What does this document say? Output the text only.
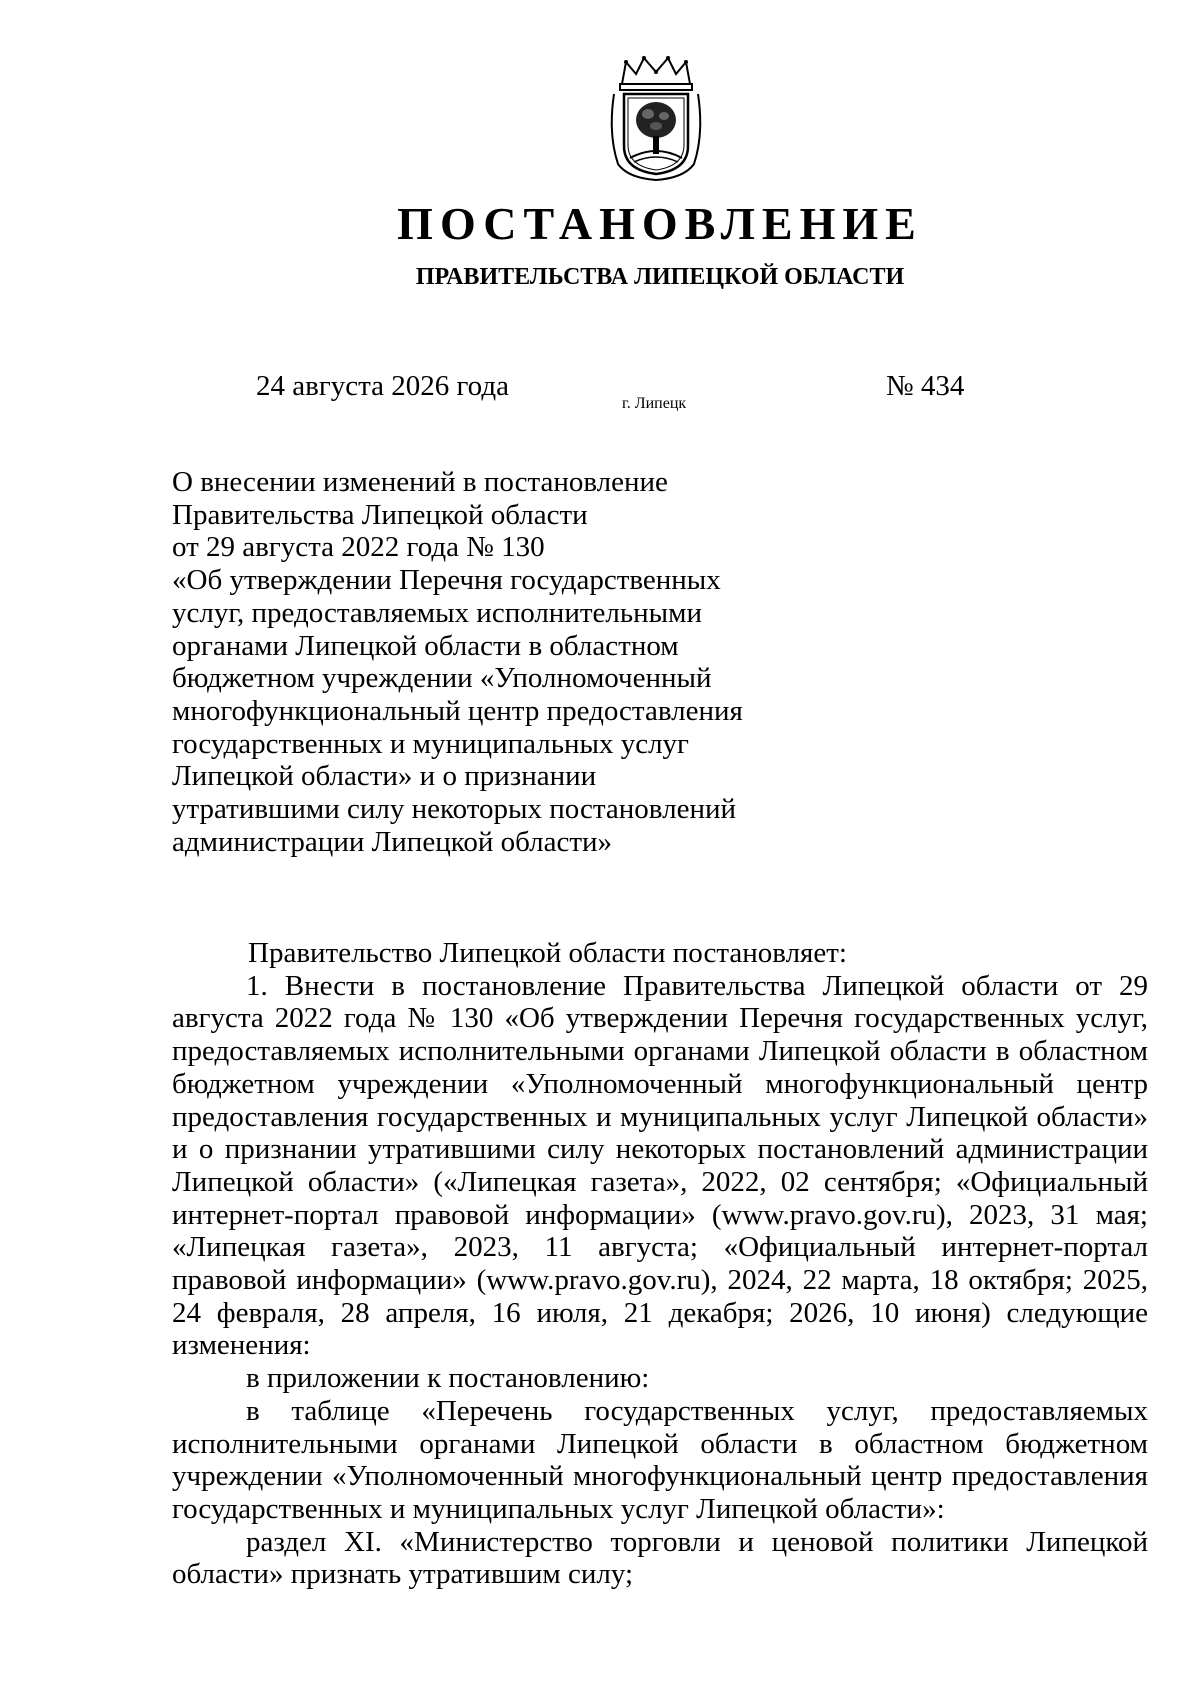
ПОСТАНОВЛЕНИЕ
ПРАВИТЕЛЬСТВА ЛИПЕЦКОЙ ОБЛАСТИ
24 августа 2026 года
г. Липецк
№ 434
О внесении изменений в постановление
Правительства Липецкой области
от 29 августа 2022 года № 130
«Об утверждении Перечня государственных
услуг, предоставляемых исполнительными
органами Липецкой области в областном
бюджетном учреждении «Уполномоченный
многофункциональный центр предоставления
государственных и муниципальных услуг
Липецкой области» и о признании
утратившими силу некоторых постановлений
администрации Липецкой области»

Правительство Липецкой области постановляет:

1. Внести в постановление Правительства Липецкой области от 29 августа 2022 года № 130 «Об утверждении Перечня государственных услуг, предоставляемых исполнительными органами Липецкой области в областном бюджетном учреждении «Уполномоченный многофункциональный центр предоставления государственных и муниципальных услуг Липецкой области» и о признании утратившими силу некоторых постановлений администрации Липецкой области» («Липецкая газета», 2022, 02 сентября; «Официальный интернет-портал правовой информации» (www.pravo.gov.ru), 2023, 31 мая; «Липецкая газета», 2023, 11 августа; «Официальный интернет-портал правовой информации» (www.pravo.gov.ru), 2024, 22 марта, 18 октября; 2025, 24 февраля, 28 апреля, 16 июля, 21 декабря; 2026, 10 июня) следующие изменения:

в приложении к постановлению:

в таблице «Перечень государственных услуг, предоставляемых исполнительными органами Липецкой области в областном бюджетном учреждении «Уполномоченный многофункциональный центр предоставления государственных и муниципальных услуг Липецкой области»:

раздел XI. «Министерство торговли и ценовой политики Липецкой области» признать утратившим силу;
